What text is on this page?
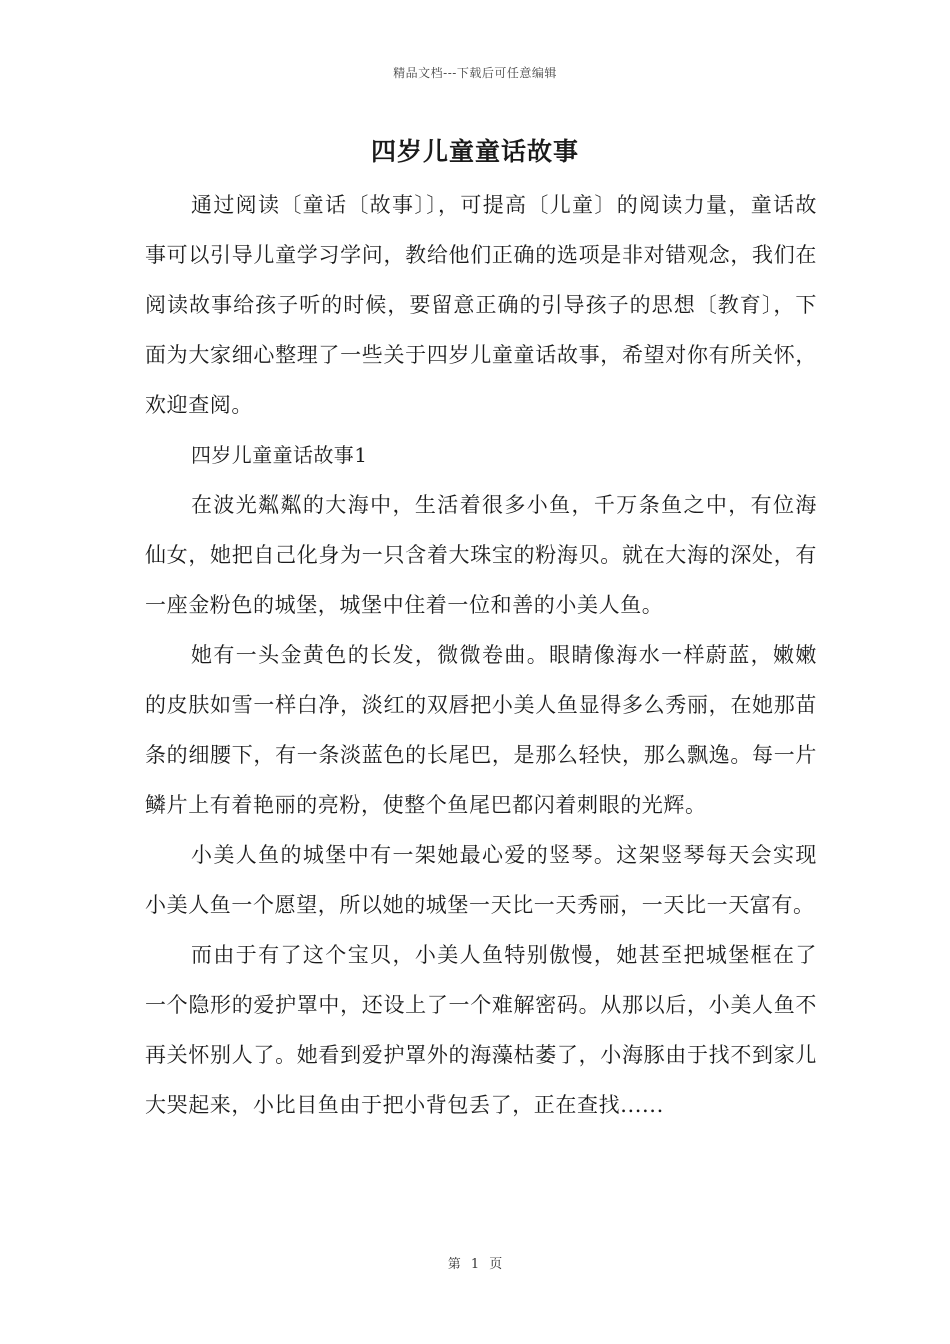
精品文档---下载后可任意编辑
四岁儿童童话故事

通过阅读〔童话〔故事〕〕，可提高〔儿童〕的阅读力量，童话故事可以引导儿童学习学问，教给他们正确的选项是非对错观念，我们在阅读故事给孩子听的时候，要留意正确的引导孩子的思想〔教育〕，下面为大家细心整理了一些关于四岁儿童童话故事，希望对你有所关怀，欢迎查阅。

四岁儿童童话故事1

在波光粼粼的大海中，生活着很多小鱼，千万条鱼之中，有位海仙女，她把自己化身为一只含着大珠宝的粉海贝。就在大海的深处，有一座金粉色的城堡，城堡中住着一位和善的小美人鱼。

她有一头金黄色的长发，微微卷曲。眼睛像海水一样蔚蓝，嫩嫩的皮肤如雪一样白净，淡红的双唇把小美人鱼显得多么秀丽，在她那苗条的细腰下，有一条淡蓝色的长尾巴，是那么轻快，那么飘逸。每一片鳞片上有着艳丽的亮粉，使整个鱼尾巴都闪着刺眼的光辉。

小美人鱼的城堡中有一架她最心爱的竖琴。这架竖琴每天会实现小美人鱼一个愿望，所以她的城堡一天比一天秀丽，一天比一天富有。

而由于有了这个宝贝，小美人鱼特别傲慢，她甚至把城堡框在了一个隐形的爱护罩中，还设上了一个难解密码。从那以后，小美人鱼不再关怀别人了。她看到爱护罩外的海藻枯萎了，小海豚由于找不到家儿大哭起来，小比目鱼由于把小背包丢了，正在查找......

第 1 页
